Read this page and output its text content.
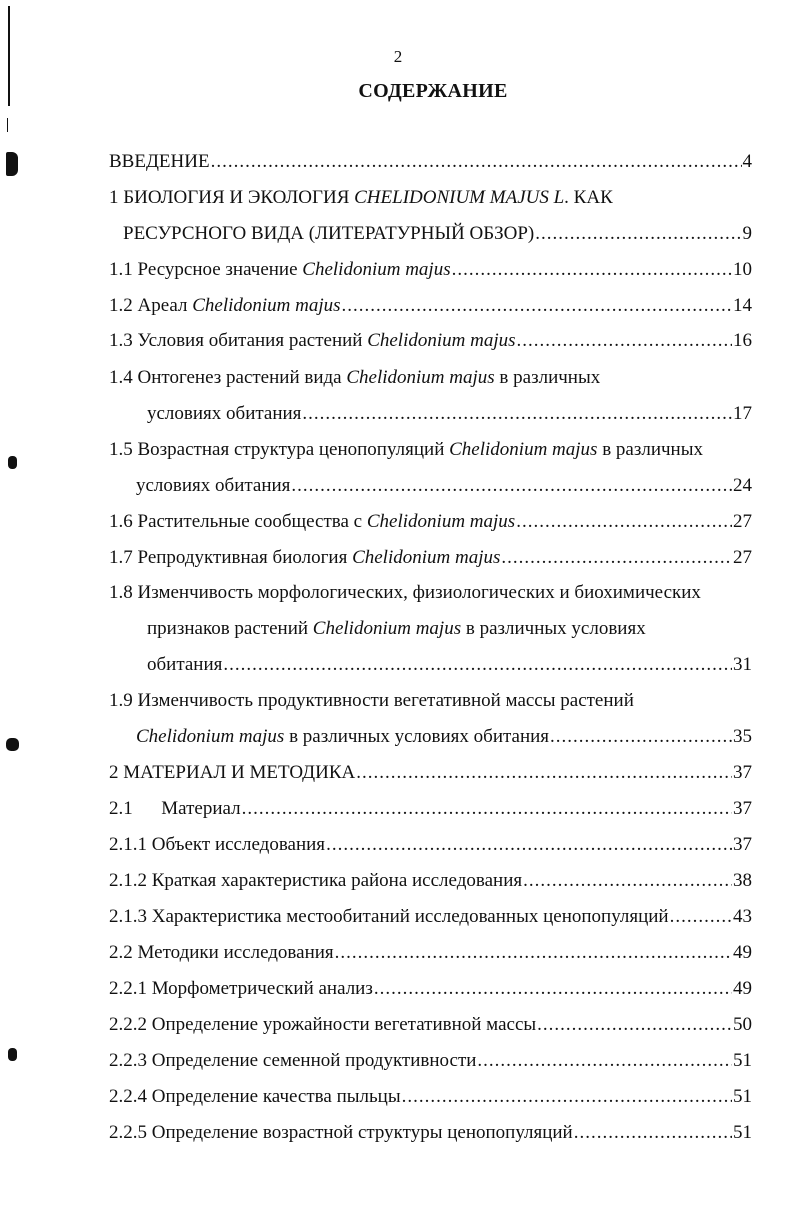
2
СОДЕРЖАНИЕ
ВВЕДЕНИЕ .....	4
1 БИОЛОГИЯ И ЭКОЛОГИЯ CHELIDONIUM MAJUS L. КАК
РЕСУРСНОГО ВИДА (ЛИТЕРАТУРНЫЙ ОБЗОР) .....	9
1.1 Ресурсное значение Chelidonium majus .....	10
1.2 Ареал Chelidonium majus .....	14
1.3 Условия обитания растений Chelidonium majus .....	16
1.4 Онтогенез растений вида Chelidonium majus в различных
условиях обитания .....	17
1.5 Возрастная структура ценопопуляций Chelidonium majus в различных
условиях обитания .....	24
1.6 Растительные сообщества с Chelidonium majus .....	27
1.7 Репродуктивная биология Chelidonium majus .....	27
1.8 Изменчивость морфологических, физиологических и биохимических
признаков растений Chelidonium majus в различных условиях
обитания .....	31
1.9 Изменчивость продуктивности вегетативной массы растений
Chelidonium majus в различных условиях обитания .....	35
2 МАТЕРИАЛ И МЕТОДИКА .....	37
2.1      Материал .....	37
2.1.1 Объект исследования .....	37
2.1.2 Краткая характеристика района исследования .....	38
2.1.3 Характеристика местообитаний исследованных ценопопуляций .....	43
2.2 Методики исследования .....	49
2.2.1 Морфометрический анализ .....	49
2.2.2 Определение урожайности вегетативной массы .....	50
2.2.3 Определение семенной продуктивности .....	51
2.2.4 Определение качества пыльцы .....	51
2.2.5 Определение возрастной структуры ценопопуляций .....	51
